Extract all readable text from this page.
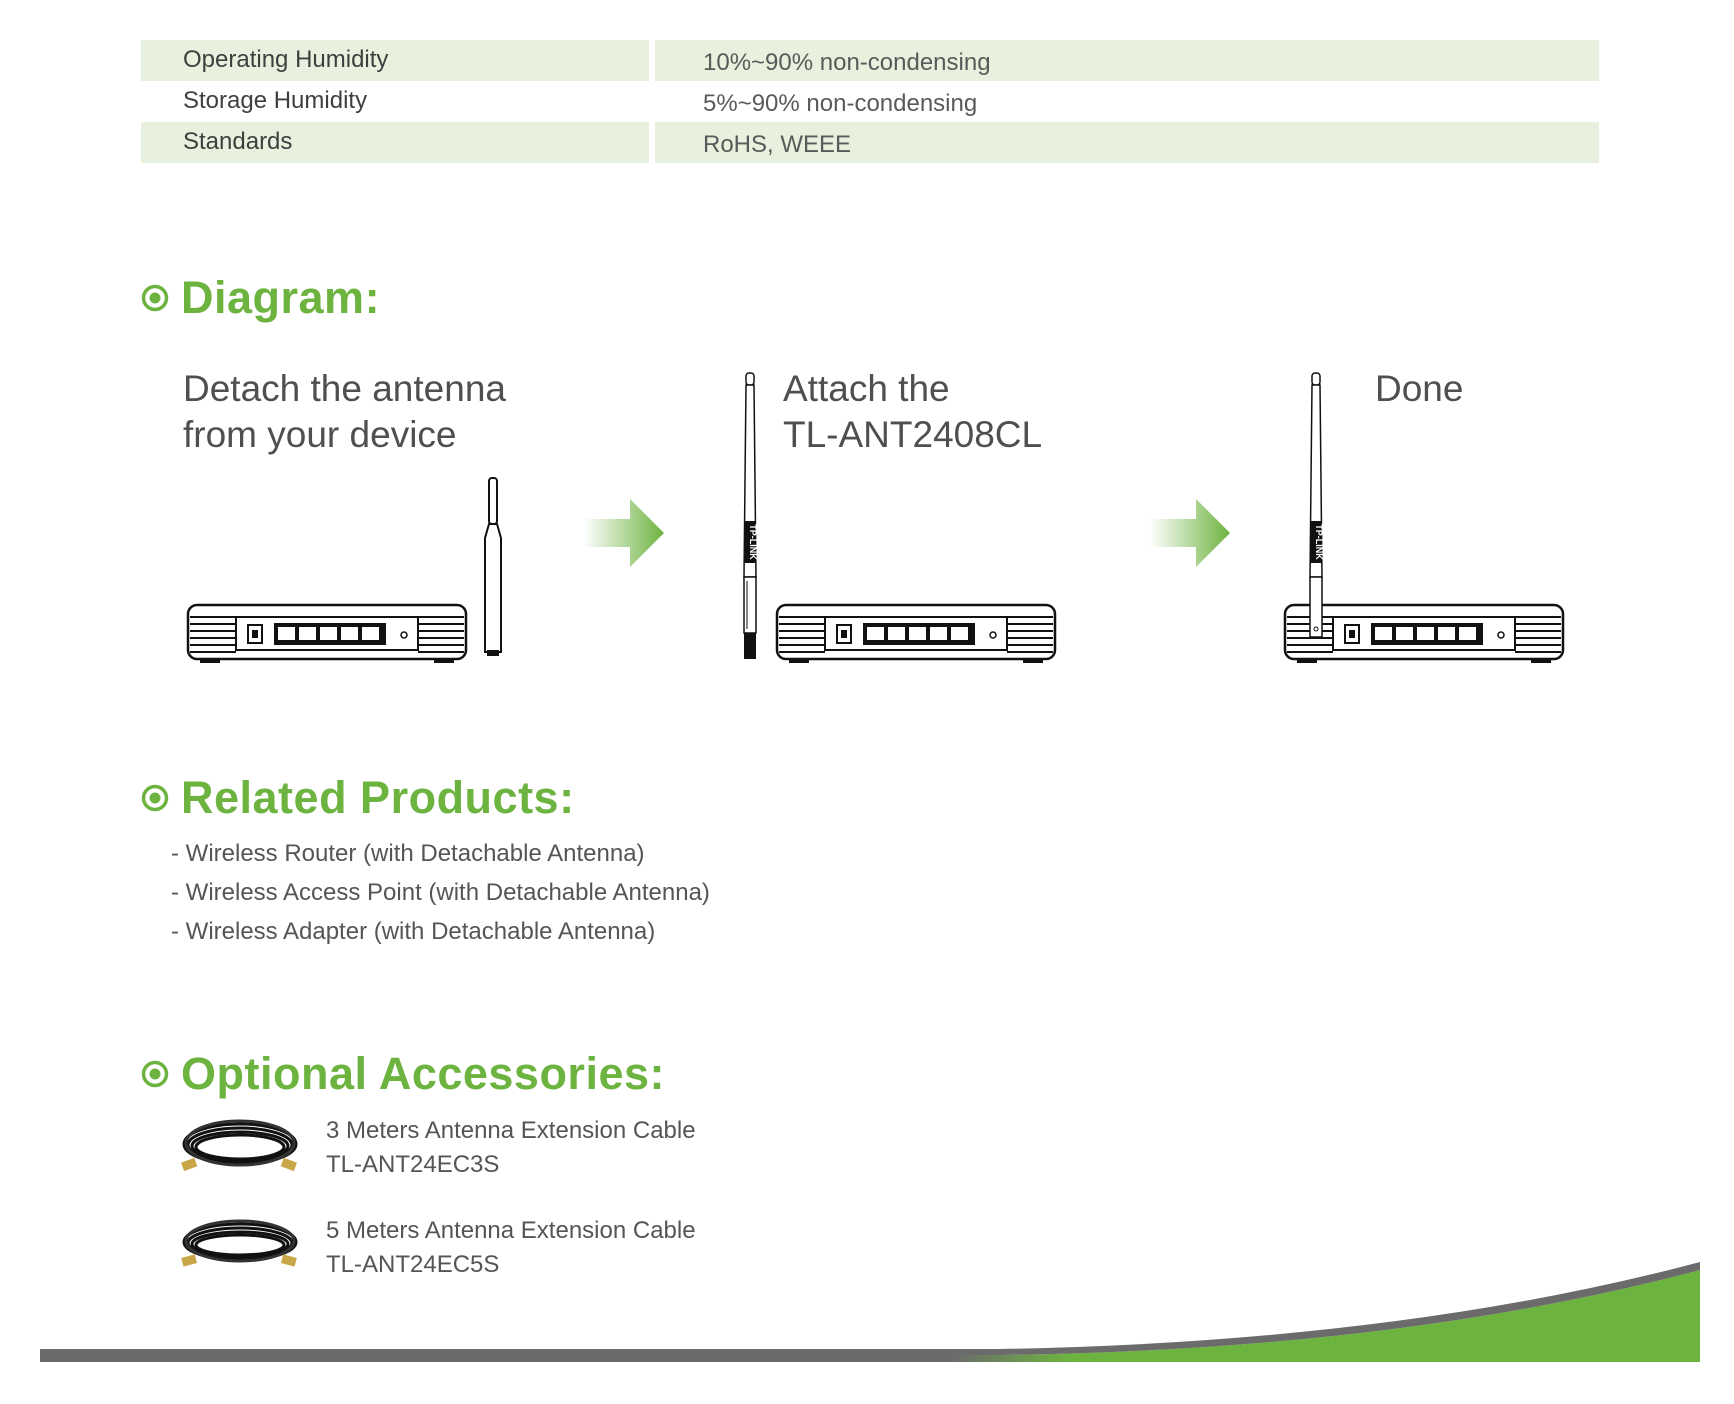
Operating Humidity	10%~90% non-condensing
Storage Humidity	5%~90% non-condensing
Standards	RoHS, WEEE
Diagram:
Detach the antenna
from your device
Attach the
TL-ANT2408CL
Done
TP-LINK	TP-LINK
Related Products:
- Wireless Router (with Detachable Antenna)
- Wireless Access Point (with Detachable Antenna)
- Wireless Adapter (with Detachable Antenna)
Optional Accessories:
3 Meters Antenna Extension Cable
TL-ANT24EC3S
5 Meters Antenna Extension Cable
TL-ANT24EC5S
